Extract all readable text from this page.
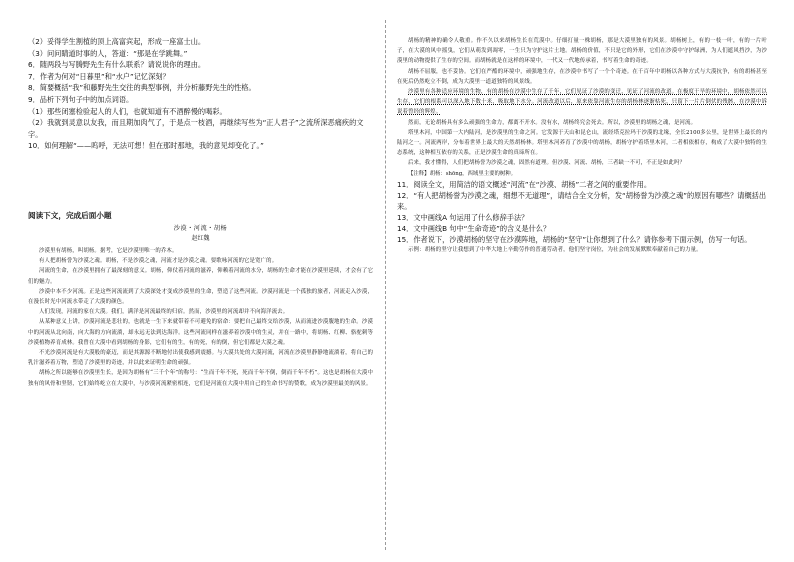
（2）妥得学生割植的顶上高富宾起，形成一座富士山。

（3）问问睛道时事的人，答道：“那是在学跳舞。”

6．随两段与写腾野先生有什么联系？请说说你的理由。

7．作者为何对“日暮里”和“水户”记忆深刻？

8．简要概括“我”和藤野先生交往的典型事例，并分析藤野先生的性格。

9．品析下列句子中的加点词语。

（1）那些闭塞检验起人的人们，也就知道有不酒醉慢的喝彩。

（2）我就到灵意以友我，而且期加肉气了，于是点一枝酒，再继续写些为“正人君子”之流所深恶痛疾的文字。

10．如何理解“——呜呼，无法可想！但在那时那地，我的意见却变化了。”

阅读下文，完成后面小题

沙漠・河流・胡杨

赵红魏

沙漠里有胡杨，叫胡杨。据考，它是沙漠里唯一的乔木。

有人把胡杨誉为沙漠之魂。胡杨，不是沙漠之魂，河流才是沙漠之魂。要歌咏河流的它是宽广的。

河流的生命，在沙漠里拥有了最深刻的意义。胡杨，仰仗着河流的滋养，仰赖着河流的水分，胡杨的生命才能在沙漠里延续，才会有了它们的魅力。

沙漠中本不少河流。正是这些河流流到了大漠深处才变成沙漠里的生命，塑造了这些河流。沙漠河流是一个孤独的旅者，河流走入沙漠，在漫长时光中河流水带走了大漠的颜色。

人们发现，河流的家在大漠。我们，满洋是河流最终的归宿。然而，沙漠里的河流却并不向海洋流去。

从某种意义上讲，沙漠河流是悲壮的，也就是一生下来就带着不可避免的宿命：要把自己最终交给沙漠，从而流进沙漠腹地的生命。沙漠中的河流从北向南，向大海的方向流淌，却永远无法到达海洋。这些河流同样在滋养着沙漠中的生灵，并在一路中，将胡杨、红柳、骆驼刺等沙漠植物养育成林。我曾在大漠中看到胡杨的身影，它们有的生，有的死，有的倒，但它们都是大漠之魂。

不光沙漠河流是有大漠般的豪迈，而是其源源不断地付出使我感到震撼。与大漠共处的大漠河流，河流在沙漠里静静地流淌着，将自己的乳汁滋养着万物，塑造了沙漠里的奇迹，并以此来证明生命的顽强。

胡杨之所以能够在沙漠里生长，是因为胡杨有“三千个年”的称号：“生而千年不死，死而千年不倒，倒而千年不朽”。这也是胡杨在大漠中独有的风骨和坚韧，它们始终屹立在大漠中，与沙漠河流紧密相连，它们是河流在大漠中用自己的生命书写的赞歌，成为沙漠里最美的风景。

胡杨的精神的确令人敬重。作不久以来胡杨生长在荒漠中。仔细打量一株胡杨，那是大漠里独有的风景。胡杨树上，有的一枝一叶，有的一片叶子，在大漠的风中摇曳，它们从萌发到凋零，一生只为守护这片土地。胡杨的价值，不只是它的外形，它们在沙漠中守护绿洲，为人们遮风挡沙，为沙漠里的动物提供了生存的空间。而胡杨就是在这样的环境中，一代又一代地传承着，书写着生命的奇迹。

胡杨不屈服，也不妥协。它们在严酷的环境中，顽强地生存，在沙漠中书写了一个个奇迹。在千百年中胡杨以各种方式与大漠抗争，有的胡杨甚至在死后仍然屹立不倒，成为大漠里一道道独特的风景线。

沙漠里有各种适应环境的生物，有的胡杨在沙漠中生存了千年，它们见证了沙漠的变迁，见证了河流的改道。在极度干旱的环境中，胡杨依然可以生存，它们的根系可以深入地下数十米，吸取地下水分。河流改道以后，原来依靠河流生存的胡杨林逐渐枯死，只留下一片片倒伏的残骸，在沙漠中诉说着曾经的辉煌。

然而，无论胡杨具有多么顽强的生命力，都离不开水。没有水，胡杨终究会死去。所以，沙漠里的胡杨之魂，是河流。

塔里木河，中国第一大内陆河，是沙漠里的生命之河。它发源于天山和昆仑山，流经塔克拉玛干沙漠的北缘，全长2100多公里，是世界上最长的内陆河之一。河流两岸，分布着世界上最大的天然胡杨林。塔里木河养育了沙漠中的胡杨，胡杨守护着塔里木河，二者相依相存，构成了大漠中独特的生态系统，这种相互依存的关系，正是沙漠生命的真谛所在。

后来，我才懂得，人们把胡杨誉为沙漠之魂，固然有道理。但沙漠、河流、胡杨，三者缺一不可，不正是如此吗？

【注释】胡杨：shōng，西域里主要的树种。

11．阅读全文，用简洁的语文概述“河流”在“沙漠、胡杨”二者之间的重要作用。

12．“有人把胡杨誉为沙漠之魂，细想不无道理”，请结合全文分析，发“胡杨誉为沙漠之魂”的原因有哪些？请概括出来。

13．文中画线A 句运用了什么修辞手法？

14．文中画线B 句中“生命奇迹”的含义是什么？

15．作者说下，沙漠胡杨的坚守在沙漠阵地，胡杨的“坚守”让你想到了什么？请你参考下面示例，仿写一句话。

示例：胡杨的坚守让我想到了中华大地上辛勤劳作的普通劳动者，他们坚守岗位，为社会的发展默默奉献着自己的力量。
